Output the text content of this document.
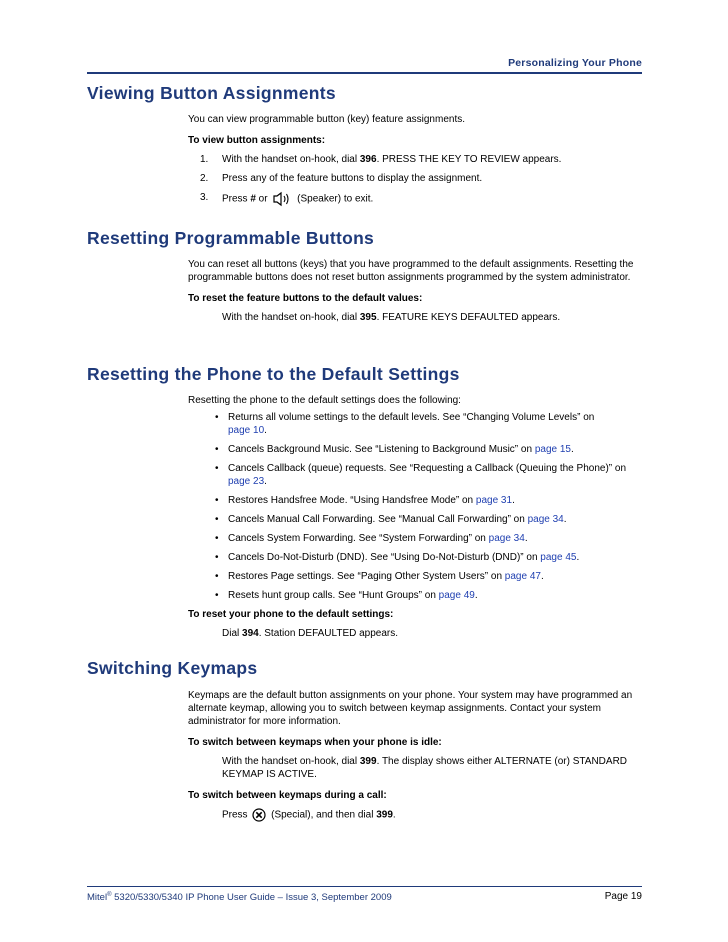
Personalizing Your Phone
Viewing Button Assignments

You can view programmable button (key) feature assignments.

To view button assignments:

1. With the handset on-hook, dial 396. PRESS THE KEY TO REVIEW appears.
2. Press any of the feature buttons to display the assignment.
3. Press # or	(Speaker) to exit.
Resetting Programmable Buttons

You can reset all buttons (keys) that you have programmed to the default assignments. Resetting the programmable buttons does not reset button assignments programmed by the system administrator.

To reset the feature buttons to the default values:

With the handset on-hook, dial 395. FEATURE KEYS DEFAULTED appears.
Resetting the Phone to the Default Settings

Resetting the phone to the default settings does the following:

• Returns all volume settings to the default levels. See “Changing Volume Levels” on
page 10.
• Cancels Background Music. See “Listening to Background Music” on page 15.
• Cancels Callback (queue) requests. See “Requesting a Callback (Queuing the Phone)” on
page 23.
• Restores Handsfree Mode. “Using Handsfree Mode” on page 31.
• Cancels Manual Call Forwarding. See “Manual Call Forwarding” on page 34.
• Cancels System Forwarding. See “System Forwarding” on page 34.
• Cancels Do-Not-Disturb (DND). See “Using Do-Not-Disturb (DND)” on page 45.
• Restores Page settings. See “Paging Other System Users” on page 47.
• Resets hunt group calls. See “Hunt Groups” on page 49.

To reset your phone to the default settings:

Dial 394. Station DEFAULTED appears.
Switching Keymaps

Keymaps are the default button assignments on your phone. Your system may have programmed an alternate keymap, allowing you to switch between keymap assignments. Contact your system administrator for more information.

To switch between keymaps when your phone is idle:

With the handset on-hook, dial 399. The display shows either ALTERNATE (or) STANDARD KEYMAP IS ACTIVE.

To switch between keymaps during a call:

Press  (Special), and then dial 399.
Mitel® 5320/5330/5340 IP Phone User Guide – Issue 3, September 2009	Page 19
